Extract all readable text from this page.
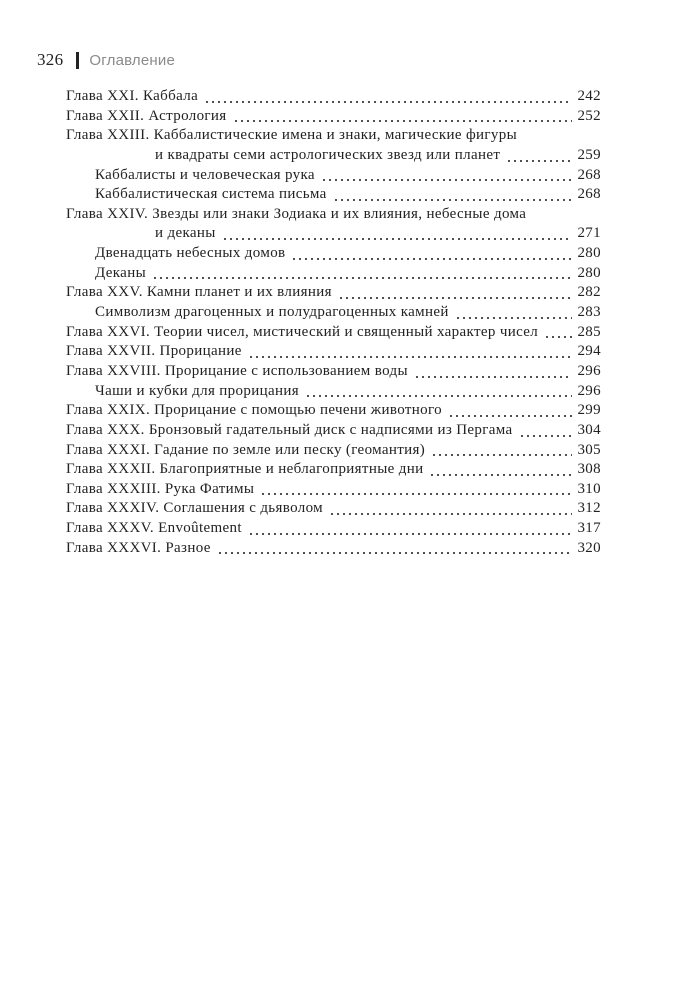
326 Оглавление
Глава XXI. Каббала	242
Глава XXII. Астрология	252
Глава XXIII. Каббалистические имена и знаки, магические фигуры
и квадраты семи астрологических звезд или планет	259
Каббалисты и человеческая рука	268
Каббалистическая система письма	268
Глава XXIV. Звезды или знаки Зодиака и их влияния, небесные дома
и деканы	271
Двенадцать небесных домов	280
Деканы	280
Глава XXV. Камни планет и их влияния	282
Символизм драгоценных и полудрагоценных камней	283
Глава XXVI. Теории чисел, мистический и священный характер чисел	285
Глава XXVII. Прорицание	294
Глава XXVIII. Прорицание с использованием воды	296
Чаши и кубки для прорицания	296
Глава XXIX. Прорицание с помощью печени животного	299
Глава XXX. Бронзовый гадательный диск с надписями из Пергама	304
Глава XXXI. Гадание по земле или песку (геомантия)	305
Глава XXXII. Благоприятные и неблагоприятные дни	308
Глава XXXIII. Рука Фатимы	310
Глава XXXIV. Соглашения с дьяволом	312
Глава XXXV. Envoûtement	317
Глава XXXVI. Разное	320
